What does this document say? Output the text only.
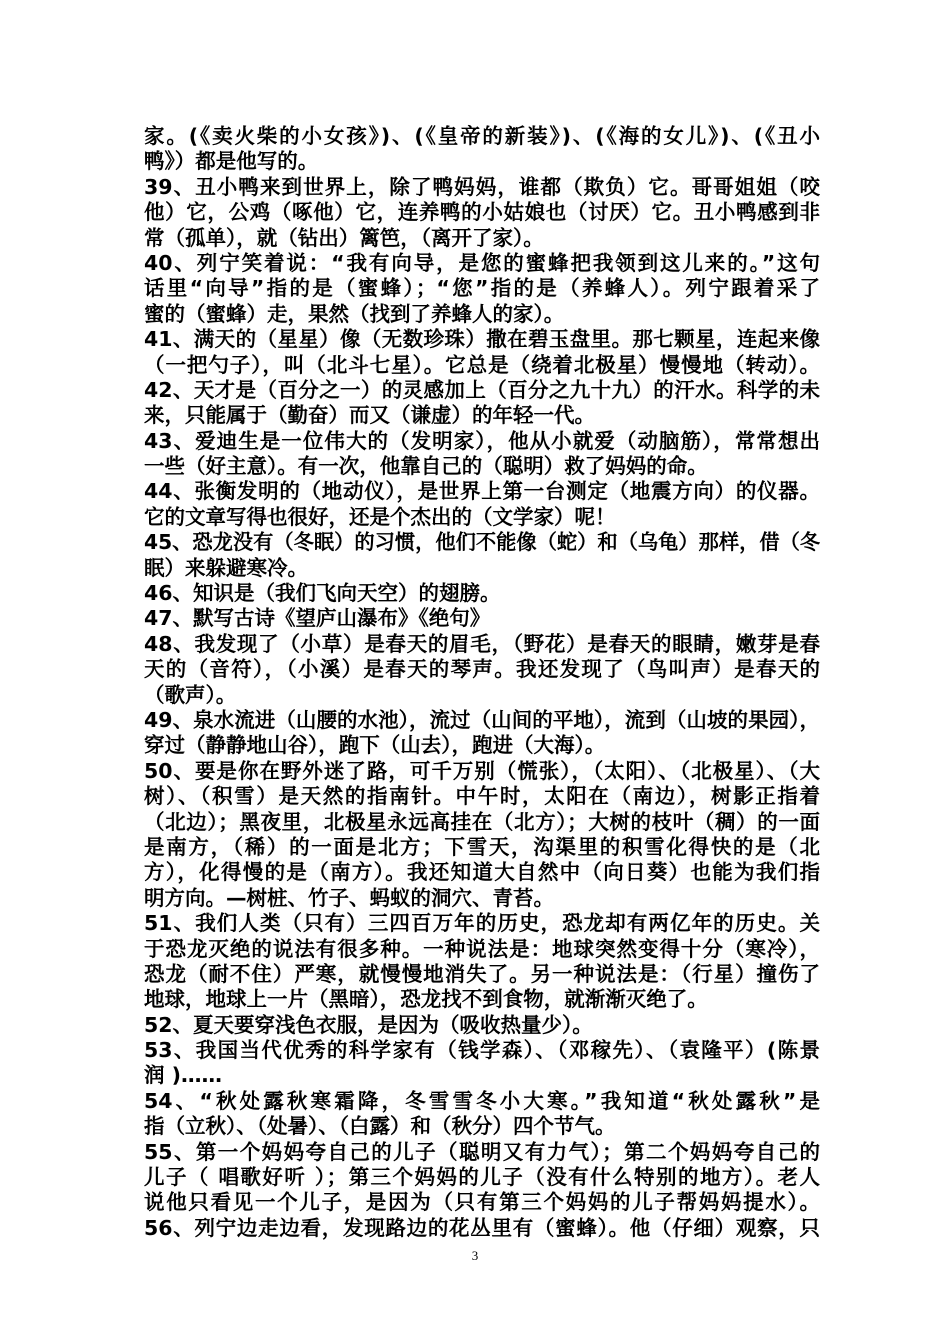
家。(《卖火柴的小女孩》)、(《皇帝的新装》)、(《海的女儿》)、(《丑小
鸭》）都是他写的。
39、丑小鸭来到世界上，除了鸭妈妈，谁都（欺负）它。哥哥姐姐（咬
他）它，公鸡（啄他）它，连养鸭的小姑娘也（讨厌）它。丑小鸭感到非
常（孤单），就（钻出）篱笆，（离开了家）。
40、列宁笑着说：“我有向导，是您的蜜蜂把我领到这儿来的。”这句
话里“向导”指的是（蜜蜂）；“您”指的是（养蜂人）。列宁跟着采了
蜜的（蜜蜂）走，果然（找到了养蜂人的家）。
41、满天的（星星）像（无数珍珠）撒在碧玉盘里。那七颗星，连起来像
（一把勺子），叫（北斗七星）。它总是（绕着北极星）慢慢地（转动）。
42、天才是（百分之一）的灵感加上（百分之九十九）的汗水。科学的未
来，只能属于（勤奋）而又（谦虚）的年轻一代。
43、爱迪生是一位伟大的（发明家），他从小就爱（动脑筋），常常想出
一些（好主意）。有一次，他靠自己的（聪明）救了妈妈的命。
44、张衡发明的（地动仪），是世界上第一台测定（地震方向）的仪器。
它的文章写得也很好，还是个杰出的（文学家）呢！
45、恐龙没有（冬眠）的习惯，他们不能像（蛇）和（乌龟）那样，借（冬
眠）来躲避寒冷。
46、知识是（我们飞向天空）的翅膀。
47、默写古诗《望庐山瀑布》《绝句》
48、我发现了（小草）是春天的眉毛，（野花）是春天的眼睛，嫩芽是春
天的（音符），（小溪）是春天的琴声。我还发现了（鸟叫声）是春天的
（歌声）。
49、泉水流进（山腰的水池），流过（山间的平地），流到（山坡的果园），
穿过（静静地山谷），跑下（山去），跑进（大海）。
50、要是你在野外迷了路，可千万别（慌张），（太阳）、（北极星）、（大
树）、（积雪）是天然的指南针。中午时，太阳在（南边），树影正指着
（北边）；黑夜里，北极星永远高挂在（北方）；大树的枝叶（稠）的一面
是南方，（稀）的一面是北方；下雪天，沟渠里的积雪化得快的是（北
方），化得慢的是（南方）。我还知道大自然中（向日葵）也能为我们指
明方向。—树桩、竹子、蚂蚁的洞穴、青苔。
51、我们人类（只有）三四百万年的历史，恐龙却有两亿年的历史。关
于恐龙灭绝的说法有很多种。一种说法是：地球突然变得十分（寒冷），
恐龙（耐不住）严寒，就慢慢地消失了。另一种说法是：（行星）撞伤了
地球，地球上一片（黑暗），恐龙找不到食物，就渐渐灭绝了。
52、夏天要穿浅色衣服，是因为（吸收热量少）。
53、我国当代优秀的科学家有（钱学森）、（邓稼先）、（袁隆平）(陈景
润 )……
54、“秋处露秋寒霜降，冬雪雪冬小大寒。”我知道“秋处露秋”是
指（立秋）、（处暑）、（白露）和（秋分）四个节气。
55、第一个妈妈夸自己的儿子（聪明又有力气）；第二个妈妈夸自己的
儿子（ 唱歌好听 ）；第三个妈妈的儿子（没有什么特别的地方）。老人
说他只看见一个儿子，是因为（只有第三个妈妈的儿子帮妈妈提水）。
56、列宁边走边看，发现路边的花丛里有（蜜蜂）。他（仔细）观察，只
3
